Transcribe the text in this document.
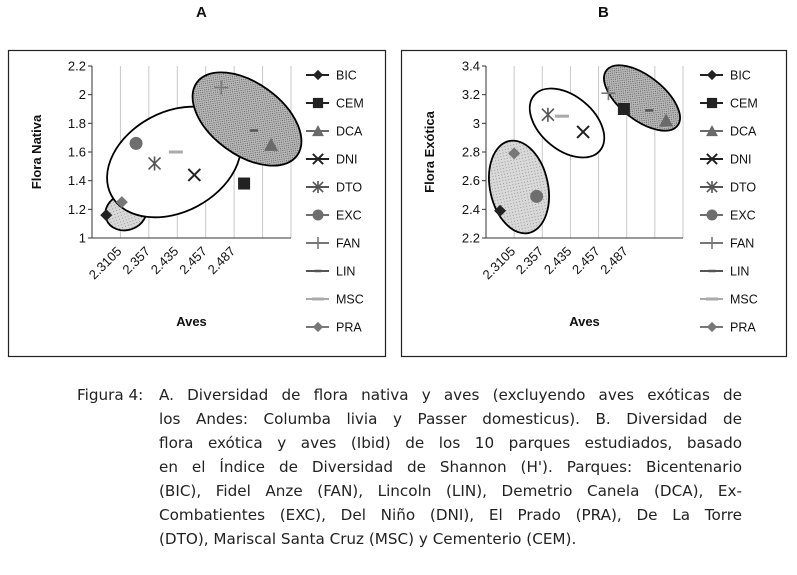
A	B
1
1.2
1.4
1.6
1.8
2
2.2
2.3105
2.357
2.435
2.457
2.487
Aves
Flora Nativa
BIC
CEM
DCA
DNI
DTO
EXC
FAN
LIN
MSC
PRA
2.2
2.4
2.6
2.8
3
3.2
3.4
2.3105
2.357
2.435
2.457
2.487
Aves
Flora Exótica
BIC
CEM
DCA
DNI
DTO
EXC
FAN
LIN
MSC
PRA
Figura 4:	A. Diversidad de flora nativa y aves (excluyendo aves exóticas de
los Andes: Columba livia y Passer domesticus). B. Diversidad de
flora exótica y aves (Ibid) de los 10 parques estudiados, basado
en el Índice de Diversidad de Shannon (H'). Parques: Bicentenario
(BIC), Fidel Anze (FAN), Lincoln (LIN), Demetrio Canela (DCA), Ex-
Combatientes (EXC), Del Niño (DNI), El Prado (PRA), De La Torre
(DTO), Mariscal Santa Cruz (MSC) y Cementerio (CEM).
